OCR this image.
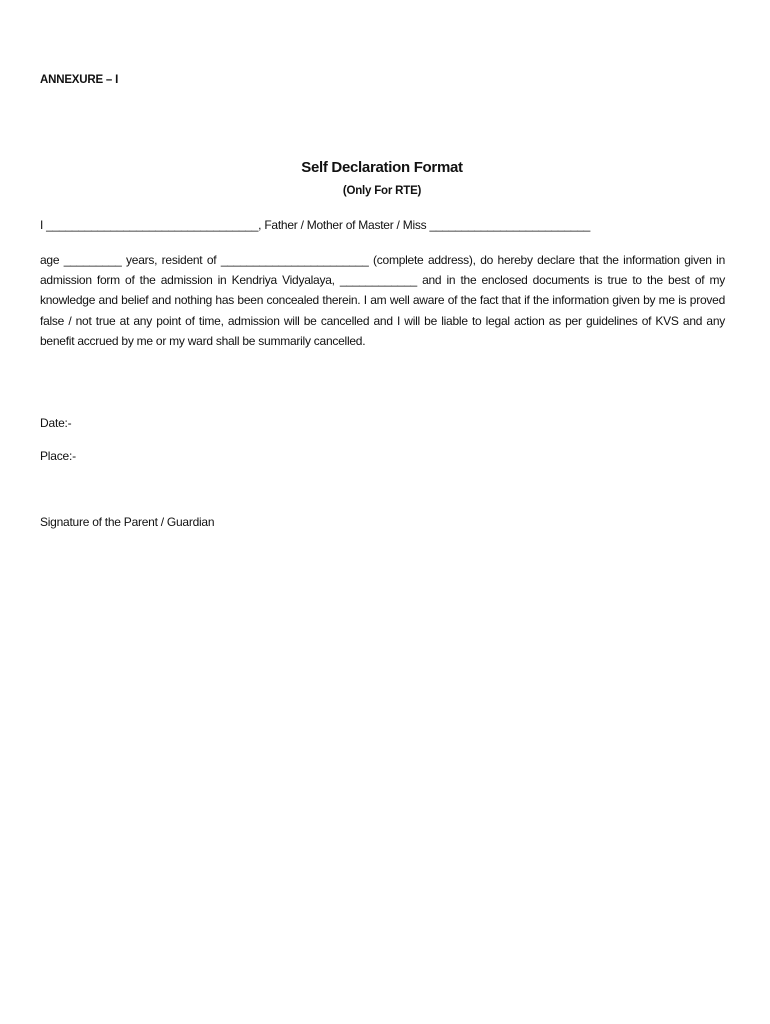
ANNEXURE – I
Self Declaration Format
(Only For RTE)
I _________________________________, Father / Mother of Master / Miss _________________________
age _________ years, resident of _______________________ (complete address), do hereby declare that the information given in admission form of the admission in Kendriya Vidyalaya, ____________ and in the enclosed documents is true to the best of my knowledge and belief and nothing has been concealed therein. I am well aware of the fact that if the information given by me is proved false / not true at any point of time, admission will be cancelled and I will be liable to legal action as per guidelines of KVS and any benefit accrued by me or my ward shall be summarily cancelled.
Date:-
Place:-
Signature of the Parent / Guardian
